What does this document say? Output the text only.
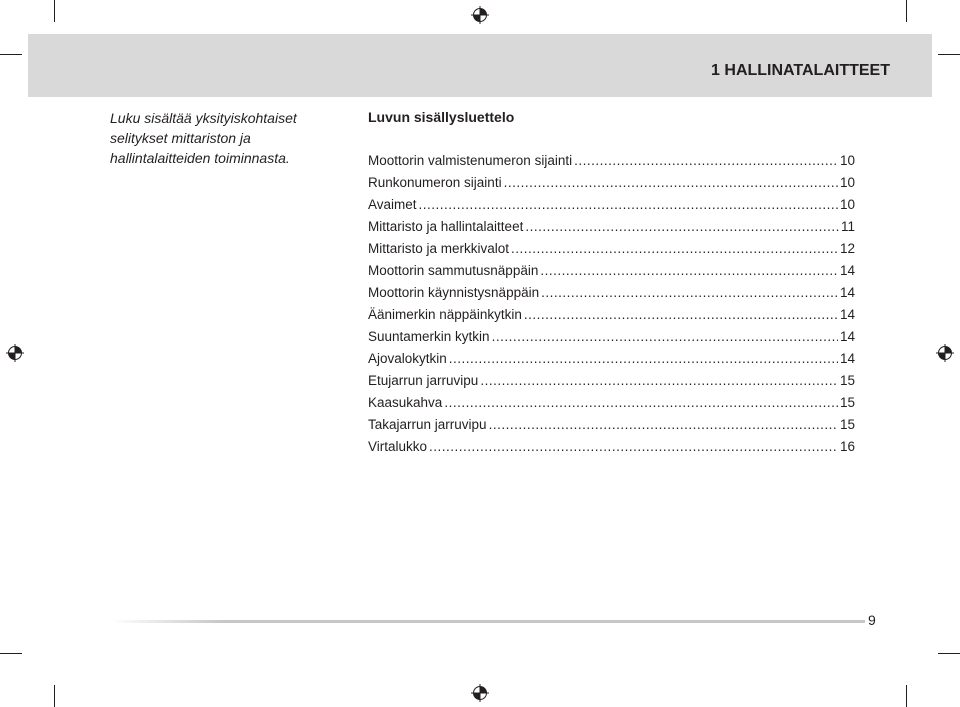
1 HALLINATALAITTEET
Luku sisältää yksityiskohtaiset selitykset mittariston ja hallintalaitteiden toiminnasta.
Luvun sisällysluettelo
Moottorin valmistenumeron sijainti .....	10
Runkonumeron sijainti .....	10
Avaimet .....	10
Mittaristo ja hallintalaitteet .....	11
Mittaristo ja merkkivalot .....	12
Moottorin sammutusnäppäin .....	14
Moottorin käynnistysnäppäin .....	14
Äänimerkin näppäinkytkin .....	14
Suuntamerkin kytkin .....	14
Ajovalokytkin .....	14
Etujarrun jarruvipu .....	15
Kaasukahva .....	15
Takajarrun jarruvipu .....	15
Virtalukko .....	16
9
